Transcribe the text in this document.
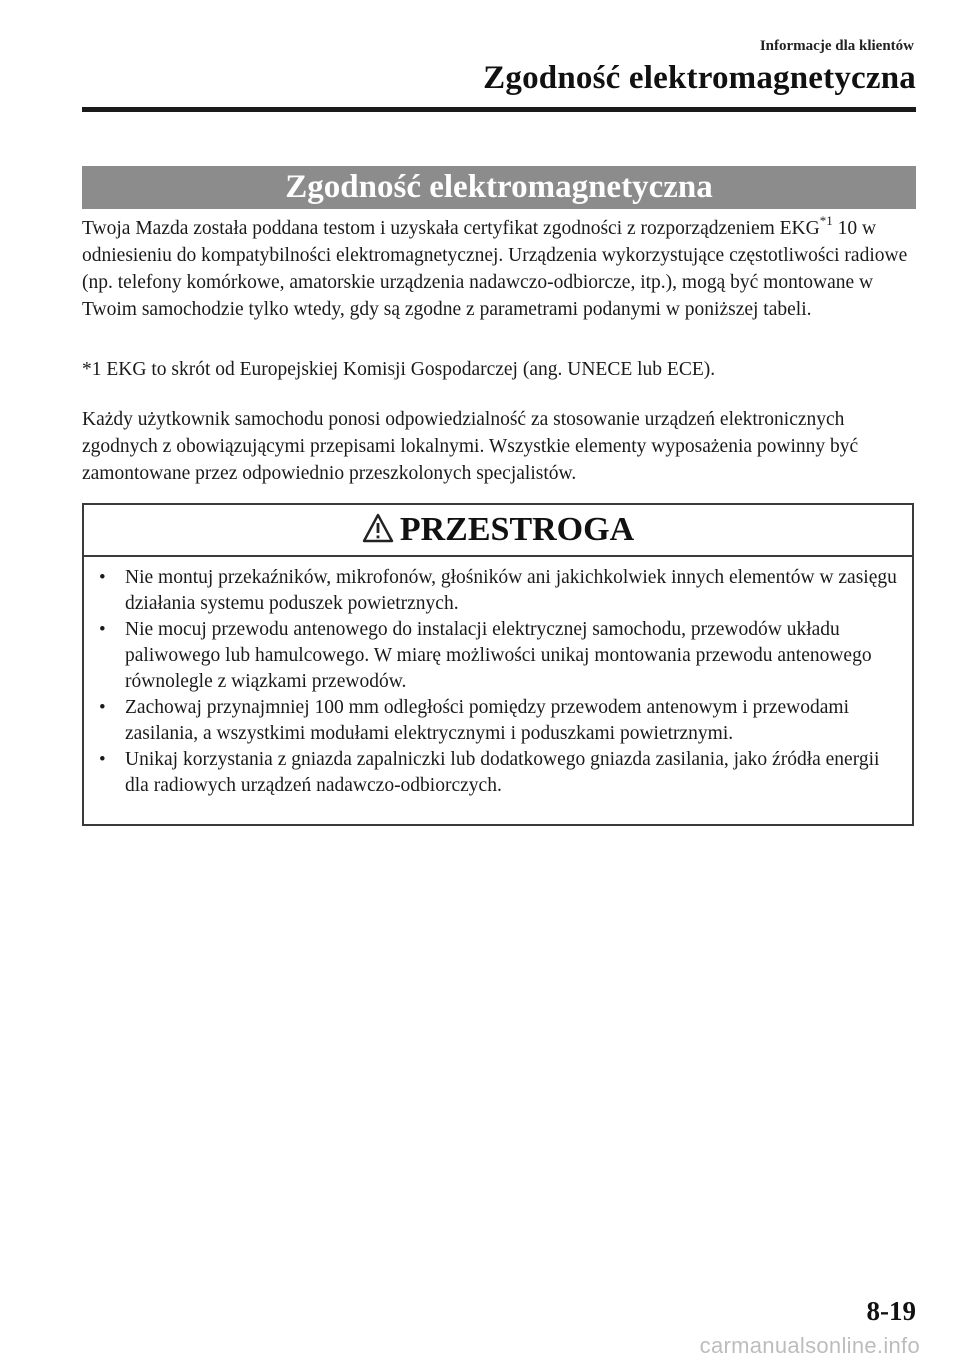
Informacje dla klientów
Zgodność elektromagnetyczna
Zgodność elektromagnetyczna

Twoja Mazda została poddana testom i uzyskała certyfikat zgodności z rozporządzeniem EKG$^{*1}$ 10 w odniesieniu do kompatybilności elektromagnetycznej. Urządzenia wykorzystujące częstotliwości radiowe (np. telefony komórkowe, amatorskie urządzenia nadawczo-odbiorcze, itp.), mogą być montowane w Twoim samochodzie tylko wtedy, gdy są zgodne z parametrami podanymi w poniższej tabeli.

*1 EKG to skrót od Europejskiej Komisji Gospodarczej (ang. UNECE lub ECE).

Każdy użytkownik samochodu ponosi odpowiedzialność za stosowanie urządzeń elektronicznych zgodnych z obowiązującymi przepisami lokalnymi. Wszystkie elementy wyposażenia powinny być zamontowane przez odpowiednio przeszkolonych specjalistów.

PRZESTROGA
• Nie montuj przekaźników, mikrofonów, głośników ani jakichkolwiek innych elementów w zasięgu działania systemu poduszek powietrznych.
• Nie mocuj przewodu antenowego do instalacji elektrycznej samochodu, przewodów układu paliwowego lub hamulcowego. W miarę możliwości unikaj montowania przewodu antenowego równolegle z wiązkami przewodów.
• Zachowaj przynajmniej 100 mm odległości pomiędzy przewodem antenowym i przewodami zasilania, a wszystkimi modułami elektrycznymi i poduszkami powietrznymi.
• Unikaj korzystania z gniazda zapalniczki lub dodatkowego gniazda zasilania, jako źródła energii dla radiowych urządzeń nadawczo-odbiorczych.
8-19
carmanualsonline.info
